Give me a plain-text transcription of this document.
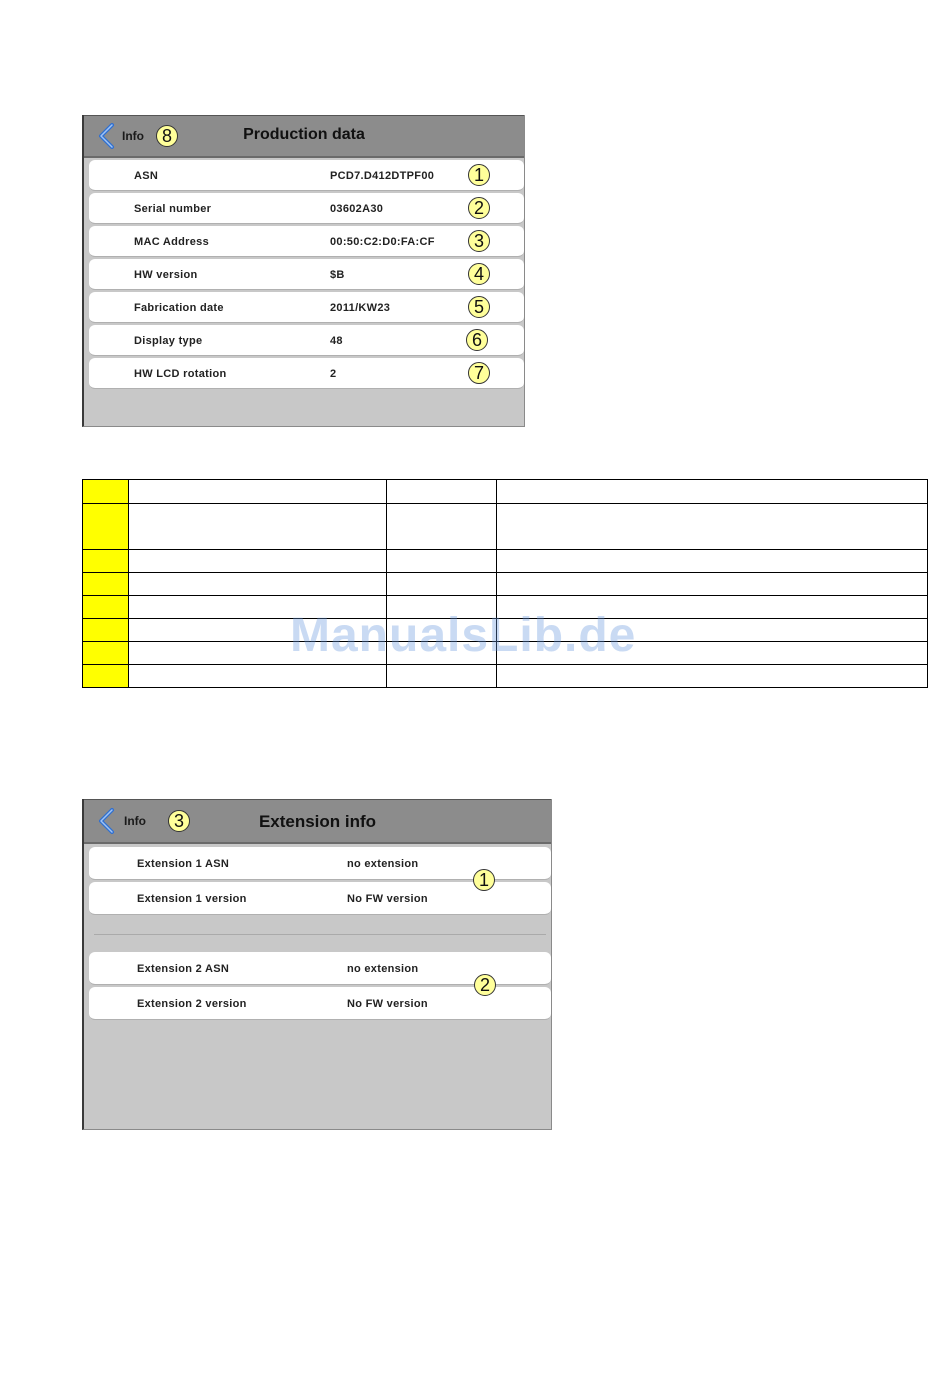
Info 8	Production data
ASN	PCD7.D412DTPF00	1
Serial number	03602A30	2
MAC Address	00:50:C2:D0:FA:CF	3
HW version	$B	4
Fabrication date	2011/KW23	5
Display type	48	6
HW LCD rotation	2	7

ManualsLib.de
Info	3	Extension info
Extension 1 ASN	no extension
Extension 1 version	No FW version
1
Extension 2 ASN	no extension
Extension 2 version	No FW version
2
